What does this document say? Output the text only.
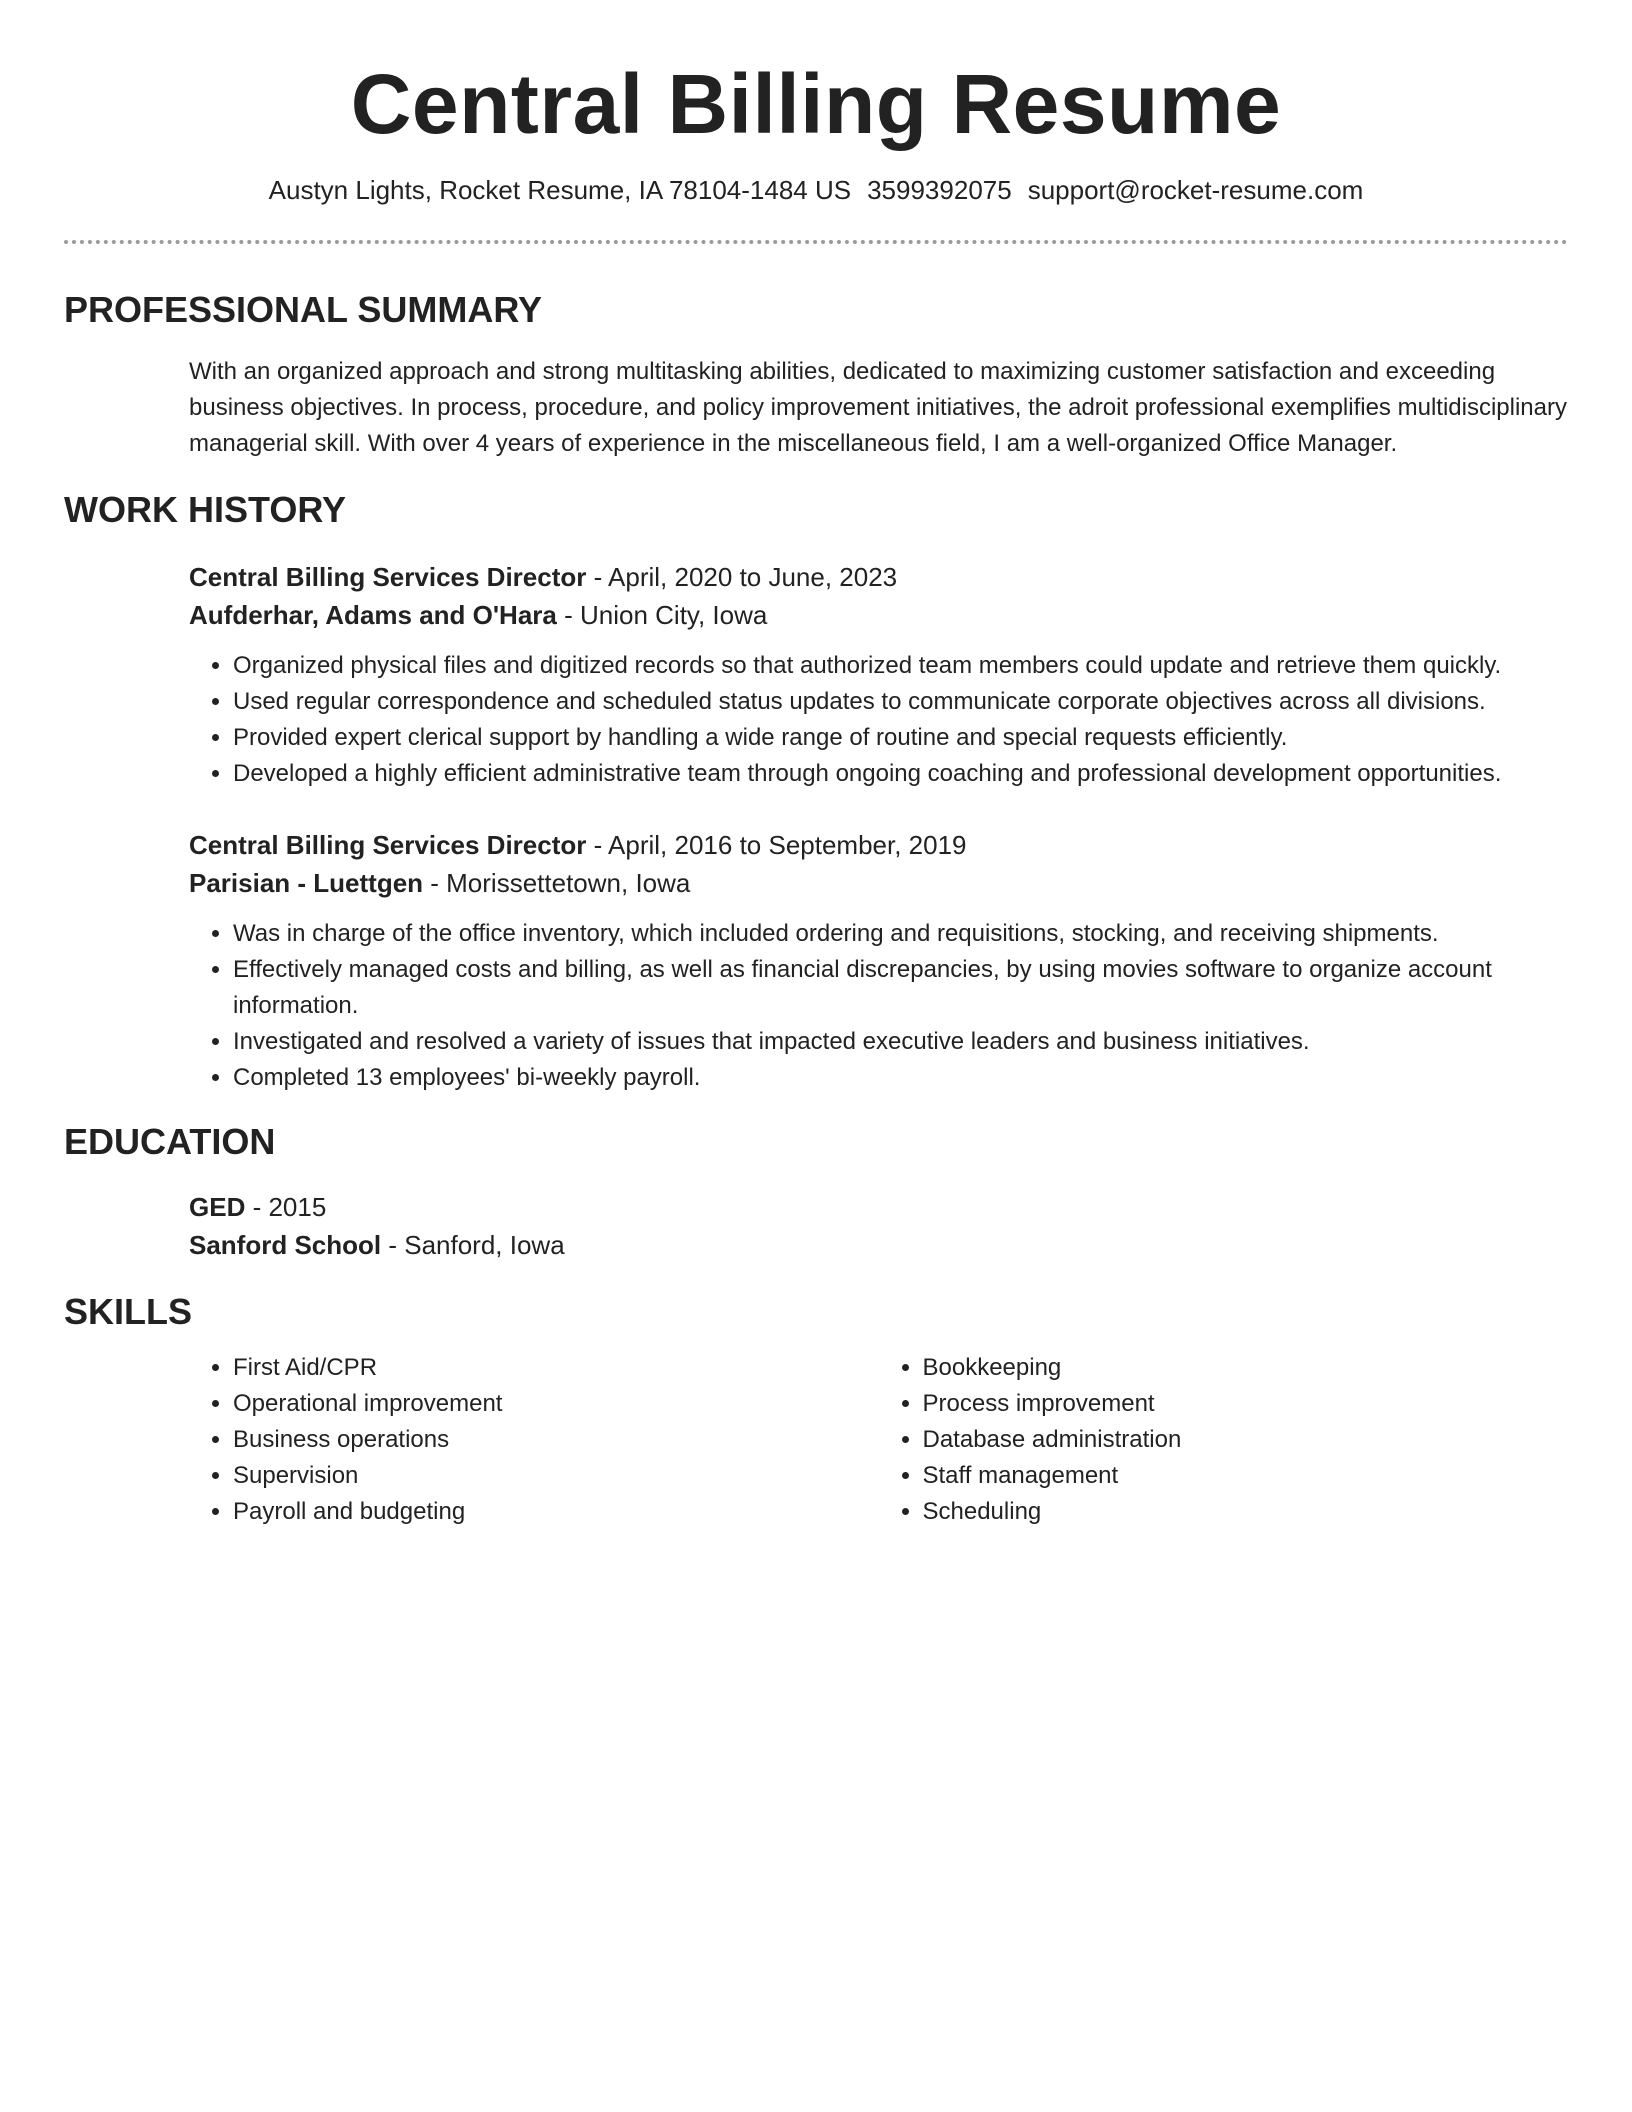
Central Billing Resume
Austyn Lights, Rocket Resume, IA 78104-1484 US 3599392075 support@rocket-resume.com
PROFESSIONAL SUMMARY
With an organized approach and strong multitasking abilities, dedicated to maximizing customer satisfaction and exceeding business objectives. In process, procedure, and policy improvement initiatives, the adroit professional exemplifies multidisciplinary managerial skill. With over 4 years of experience in the miscellaneous field, I am a well-organized Office Manager.
WORK HISTORY
Central Billing Services Director - April, 2020 to June, 2023
Aufderhar, Adams and O'Hara - Union City, Iowa
• Organized physical files and digitized records so that authorized team members could update and retrieve them quickly.
• Used regular correspondence and scheduled status updates to communicate corporate objectives across all divisions.
• Provided expert clerical support by handling a wide range of routine and special requests efficiently.
• Developed a highly efficient administrative team through ongoing coaching and professional development opportunities.
Central Billing Services Director - April, 2016 to September, 2019
Parisian - Luettgen - Morissettetown, Iowa
• Was in charge of the office inventory, which included ordering and requisitions, stocking, and receiving shipments.
• Effectively managed costs and billing, as well as financial discrepancies, by using movies software to organize account information.
• Investigated and resolved a variety of issues that impacted executive leaders and business initiatives.
• Completed 13 employees' bi-weekly payroll.
EDUCATION
GED - 2015
Sanford School - Sanford, Iowa
SKILLS
• First Aid/CPR
• Operational improvement
• Business operations
• Supervision
• Payroll and budgeting
• Bookkeeping
• Process improvement
• Database administration
• Staff management
• Scheduling
